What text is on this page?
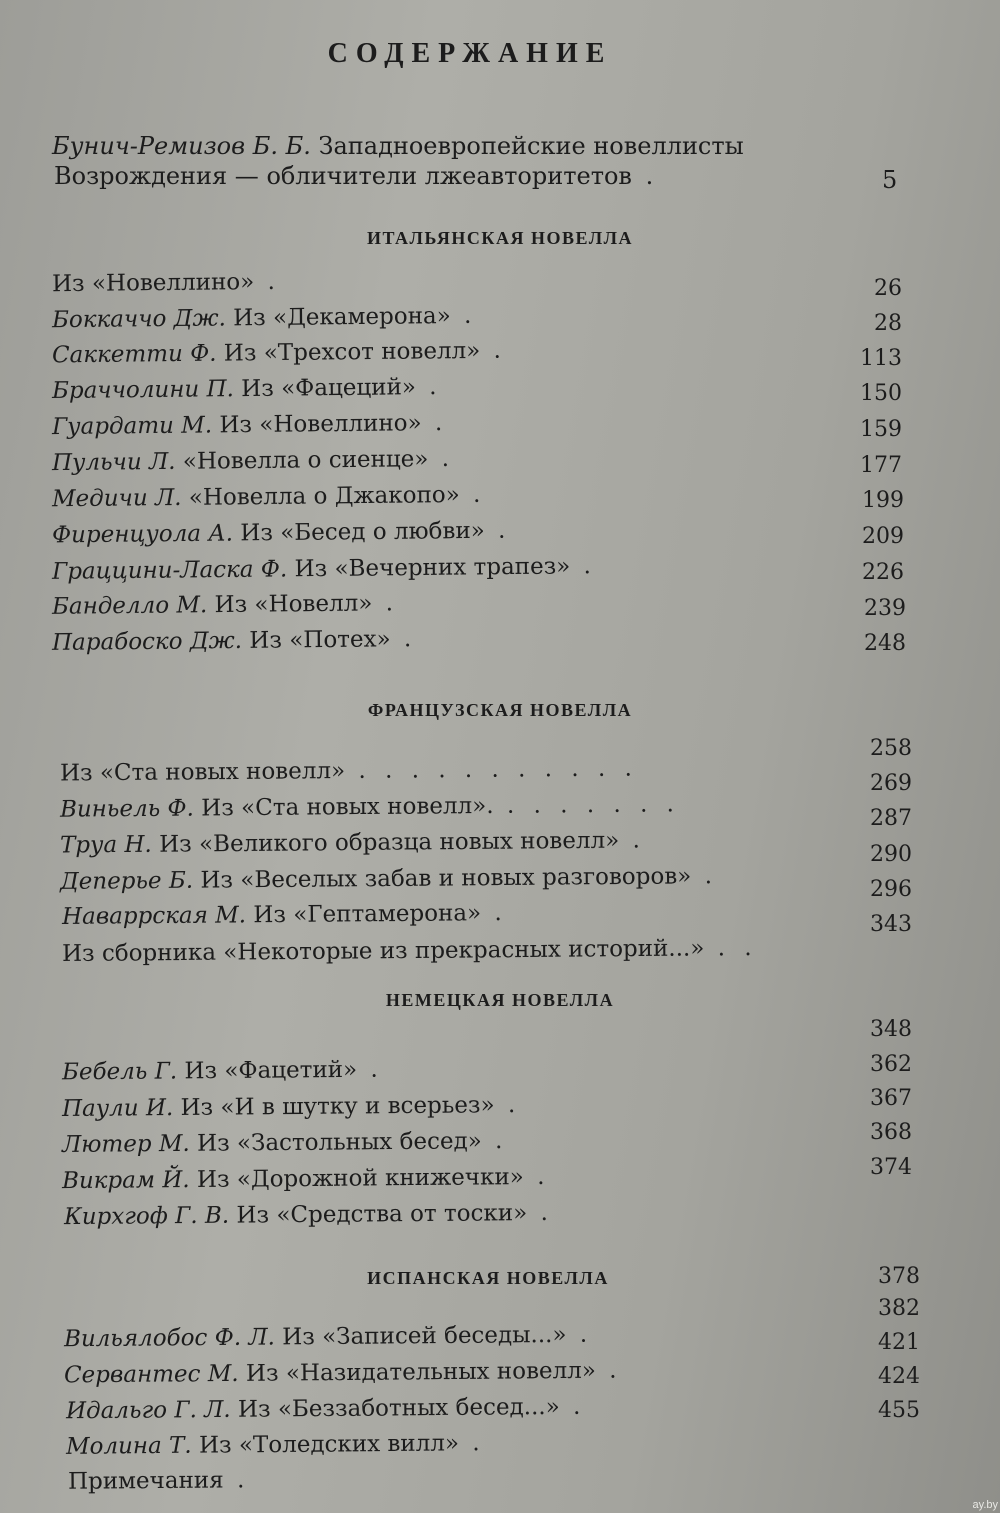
СОДЕРЖАНИЕ
Бунич-Ремизов Б. Б. Западноевропейские новеллисты
Возрождения — обличители лжеавторитетов .	5
ИТАЛЬЯНСКАЯ НОВЕЛЛА
Из «Новеллино» .
Боккаччо Дж. Из «Декамерона» .
Саккетти Ф. Из «Трехсот новелл» .
Браччолини П. Из «Фацеций» .
Гуардати М. Из «Новеллино» .
Пульчи Л. «Новелла о сиенце» .
Медичи Л. «Новелла о Джакопо» .
Фиренцуола А. Из «Бесед о любви» .
Граццини-Ласка Ф. Из «Вечерних трапез» .
Банделло М. Из «Новелл» .
Парабоско Дж. Из «Потех» .
26
28
113
150
159
177
199
209
226
239
248
ФРАНЦУЗСКАЯ НОВЕЛЛА
Из «Ста новых новелл» . . . . . . . . . . .
Виньель Ф. Из «Ста новых новелл». . . . . . . .
Труа Н. Из «Великого образца новых новелл» .
Деперье Б. Из «Веселых забав и новых разговоров» .
Наваррская М. Из «Гептамерона» .
Из сборника «Некоторые из прекрасных историй...» . .
258
269
287
290
296
343
НЕМЕЦКАЯ НОВЕЛЛА
Бебель Г. Из «Фацетий» .
Паули И. Из «И в шутку и всерьез» .
Лютер М. Из «Застольных бесед» .
Викрам Й. Из «Дорожной книжечки» .
Кирхгоф Г. В. Из «Средства от тоски» .
348
362
367
368
374
ИСПАНСКАЯ НОВЕЛЛА
Вильялобос Ф. Л. Из «Записей беседы...» .
Сервантес М. Из «Назидательных новелл» .
Идальго Г. Л. Из «Беззаботных бесед...» .
Молина Т. Из «Толедских вилл» .
Примечания .
378
382
421
424
455
ay.by
